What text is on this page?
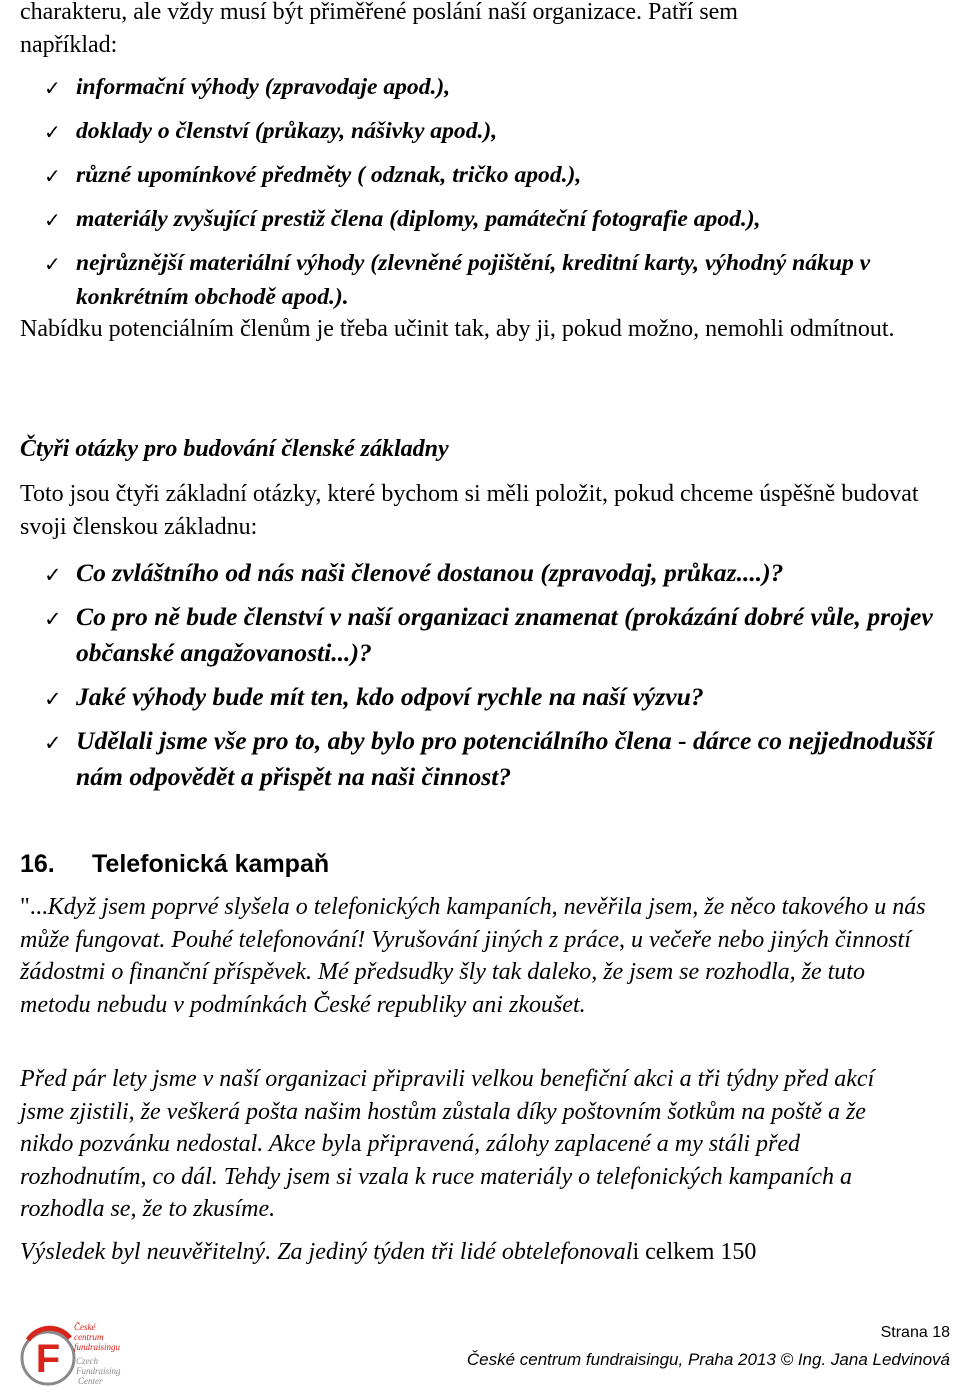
charakteru, ale vždy musí být přiměřené poslání naší organizace. Patří sem
například:

✓ informační výhody (zpravodaje apod.),
✓ doklady o členství (průkazy, nášivky apod.),
✓ různé upomínkové předměty ( odznak, tričko apod.),
✓ materiály zvyšující prestiž člena (diplomy, památeční fotografie apod.),
✓ nejrůznější materiální výhody (zlevněné pojištění, kreditní karty, výhodný nákup v konkrétním obchodě apod.).

Nabídku potenciálním členům je třeba učinit tak, aby ji, pokud možno, nemohli odmítnout.

Čtyři otázky pro budování členské základny

Toto jsou čtyři základní otázky, které bychom si měli položit, pokud chceme úspěšně budovat svoji členskou základnu:

✓ Co zvláštního od nás naši členové dostanou (zpravodaj, průkaz....)?
✓ Co pro ně bude členství v naší organizaci znamenat (prokázání dobré vůle, projev občanské angažovanosti...)?
✓ Jaké výhody bude mít ten, kdo odpoví rychle na naší výzvu?
✓ Udělali jsme vše pro to, aby bylo pro potenciálního člena - dárce co nejjednodušší nám odpovědět a přispět na naši činnost?
16. Telefonická kampaň

"...Když jsem poprvé slyšela o telefonických kampaních, nevěřila jsem, že něco takového u nás může fungovat. Pouhé telefonování! Vyrušování jiných z práce, u večeře nebo jiných činností žádostmi o finanční příspěvek. Mé předsudky šly tak daleko, že jsem se rozhodla, že tuto metodu nebudu v podmínkách České republiky ani zkoušet.

Před pár lety jsme v naší organizaci připravili velkou benefiční akci a tři týdny před akcí jsme zjistili, že veškerá pošta našim hostům zůstala díky poštovním šotkům na poště a že nikdo pozvánku nedostal. Akce byla připravená, zálohy zaplacené a my stáli před rozhodnutím, co dál. Tehdy jsem si vzala k ruce materiály o telefonických kampaních a rozhodla se, že to zkusíme.

Výsledek byl neuvěřitelný. Za jediný týden tři lidé obtelefonovali celkem 150

F
České
centrum
fundraisingu
Czech
Fundraising
Center
Strana 18
České centrum fundraisingu, Praha 2013 © Ing. Jana Ledvinová
